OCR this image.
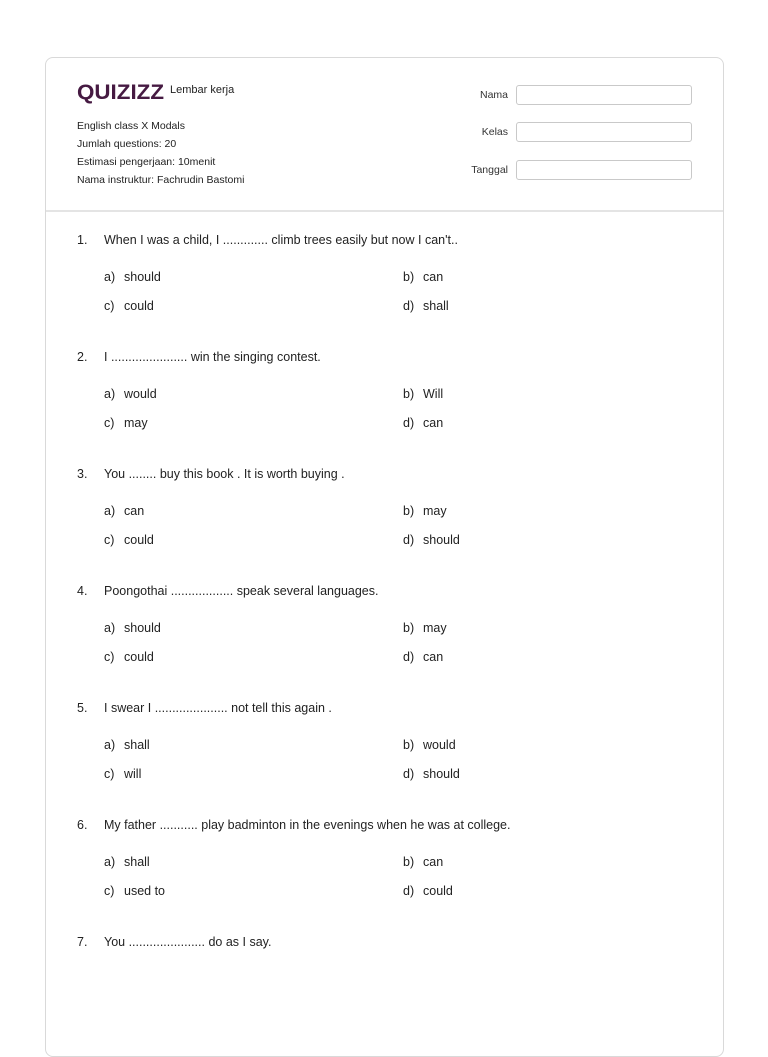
QUIZIZZ Lembar kerja
English class X Modals
Jumlah questions: 20
Estimasi pengerjaan: 10menit
Nama instruktur: Fachrudin Bastomi
Nama
Kelas
Tanggal
1.	When I was a child, I ............. climb trees easily but now I can't..
a) should	b) can
c) could	d) shall
2.	I ...................... win the singing contest.
a) would	b) Will
c) may	d) can
3.	You ........ buy this book . It is worth buying .
a) can	b) may
c) could	d) should
4.	Poongothai .................. speak several languages.
a) should	b) may
c) could	d) can
5.	I swear I ..................... not tell this again .
a) shall	b) would
c) will	d) should
6.	My father ........... play badminton in the evenings when he was at college.
a) shall	b) can
c) used to	d) could
7.	You ...................... do as I say.
